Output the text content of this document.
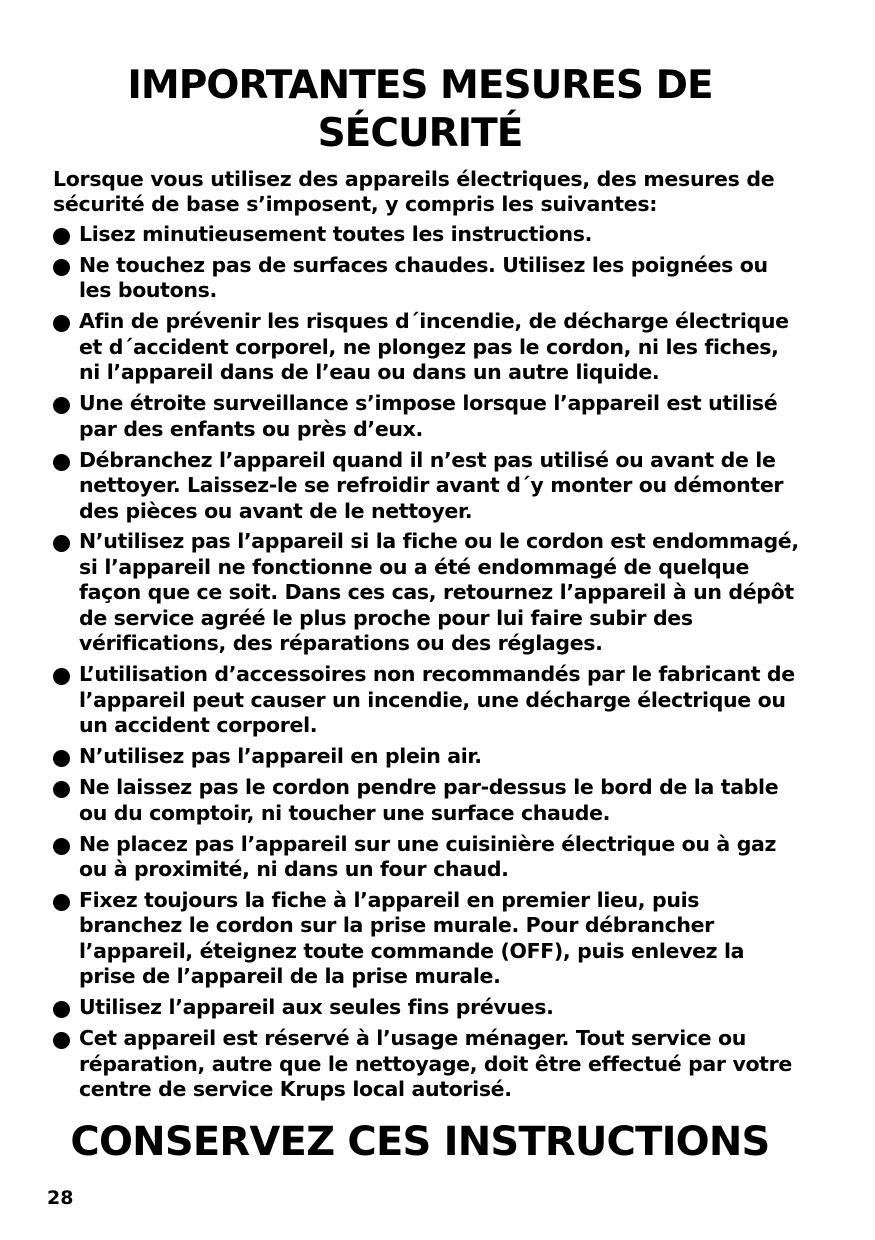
IMPORTANTES MESURES DE
SÉCURITÉ

Lorsque vous utilisez des appareils électriques, des mesures de sécurité de base s’imposent, y compris les suivantes:

Lisez minutieusement toutes les instructions.
Ne touchez pas de surfaces chaudes. Utilisez les poignées ou les boutons.
Afin de prévenir les risques d´incendie, de décharge électrique et d´accident corporel, ne plongez pas le cordon, ni les fiches, ni l’appareil dans de l’eau ou dans un autre liquide.
Une étroite surveillance s’impose lorsque l’appareil est utilisé par des enfants ou près d’eux.
Débranchez l’appareil quand il n’est pas utilisé ou avant de le nettoyer. Laissez-le se refroidir avant d´y monter ou démonter des pièces ou avant de le nettoyer.
N’utilisez pas l’appareil si la fiche ou le cordon est endommagé, si l’appareil ne fonctionne ou a été endommagé de quelque façon que ce soit. Dans ces cas, retournez l’appareil à un dépôt de service agréé le plus proche pour lui faire subir des vérifications, des réparations ou des réglages.
L’utilisation d’accessoires non recommandés par le fabricant de l’appareil peut causer un incendie, une décharge électrique ou un accident corporel.
N’utilisez pas l’appareil en plein air.
Ne laissez pas le cordon pendre par-dessus le bord de la table ou du comptoir, ni toucher une surface chaude.
Ne placez pas l’appareil sur une cuisinière électrique ou à gaz ou à proximité, ni dans un four chaud.
Fixez toujours la fiche à l’appareil en premier lieu, puis branchez le cordon sur la prise murale. Pour débrancher l’appareil, éteignez toute commande (OFF), puis enlevez la prise de l’appareil de la prise murale.
Utilisez l’appareil aux seules fins prévues.
Cet appareil est réservé à l’usage ménager. Tout service ou réparation, autre que le nettoyage, doit être effectué par votre centre de service Krups local autorisé.
CONSERVEZ CES INSTRUCTIONS
28
